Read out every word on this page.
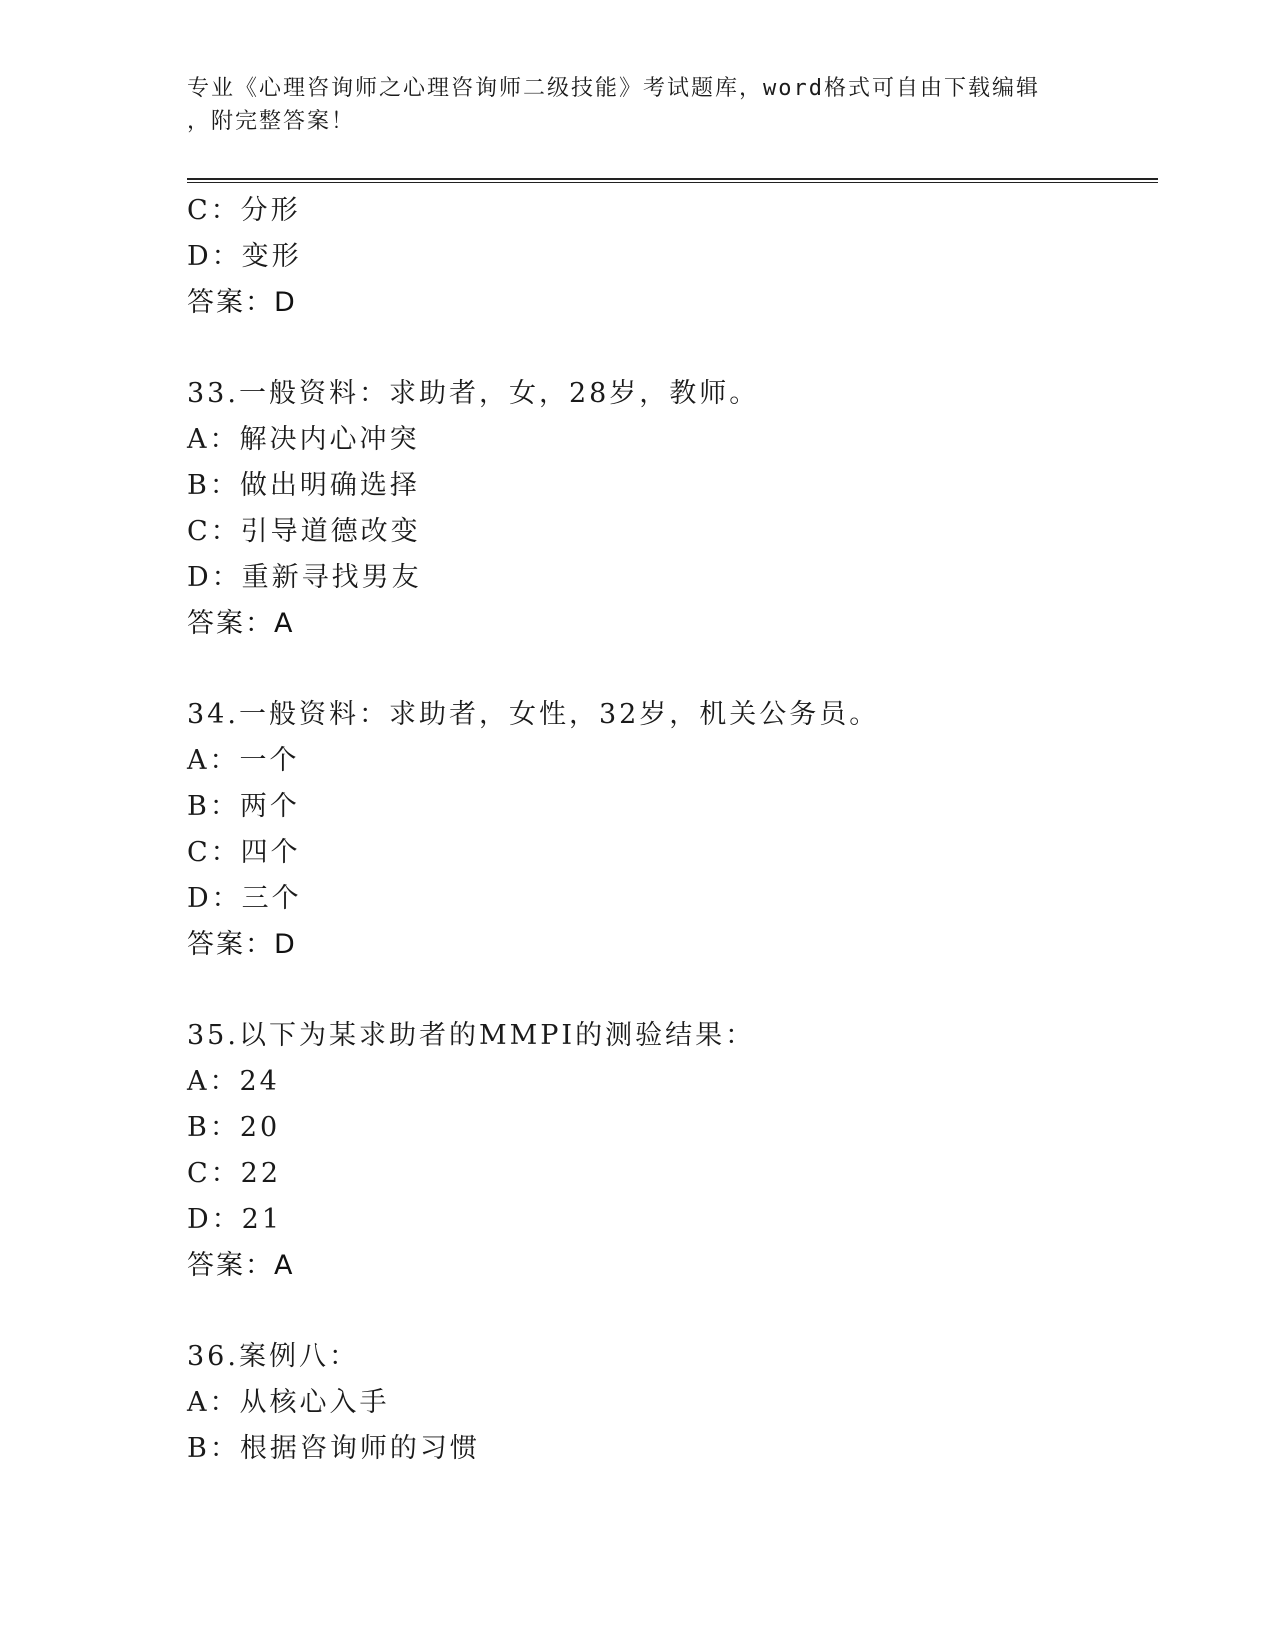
专业《心理咨询师之心理咨询师二级技能》考试题库，word格式可自由下载编辑
，附完整答案！
C：分形
D：变形
答案：D
33.一般资料：求助者，女，28岁，教师。
A：解决内心冲突
B：做出明确选择
C：引导道德改变
D：重新寻找男友
答案：A
34.一般资料：求助者，女性，32岁，机关公务员。
A：一个
B：两个
C：四个
D：三个
答案：D
35.以下为某求助者的MMPI的测验结果：
A：24
B：20
C：22
D：21
答案：A
36.案例八：
A：从核心入手
B：根据咨询师的习惯
